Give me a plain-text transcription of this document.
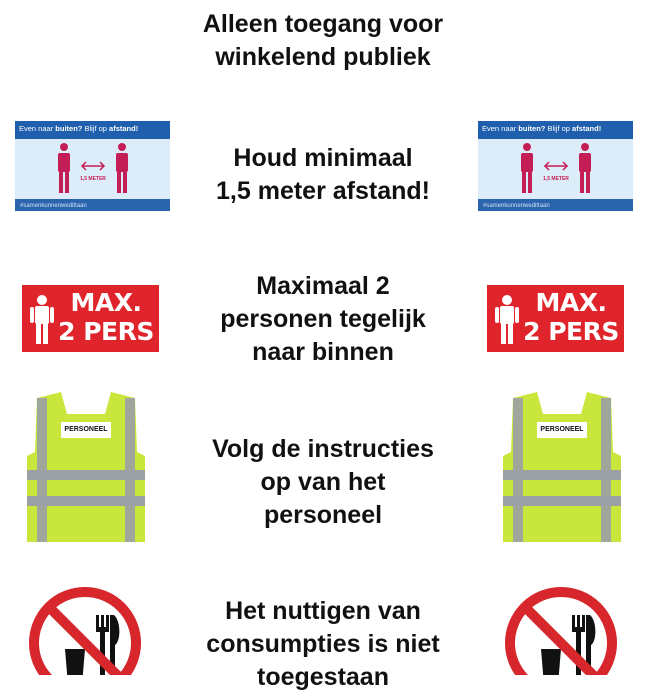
Alleen toegang voor
winkelend publiek
Even naar buiten? Blijf op afstand!
1,5 METER
#samenkunnenwedittaan
Even naar buiten? Blijf op afstand!
1,5 METER
#samenkunnenwedittaan
Houd minimaal
1,5 meter afstand!
MAX.
2 PERS
MAX.
2 PERS
Maximaal 2
personen tegelijk
naar binnen
PERSONEEL	PERSONEEL
Volg de instructies
op van het
personeel
Het nuttigen van
consumpties is niet
toegestaan
